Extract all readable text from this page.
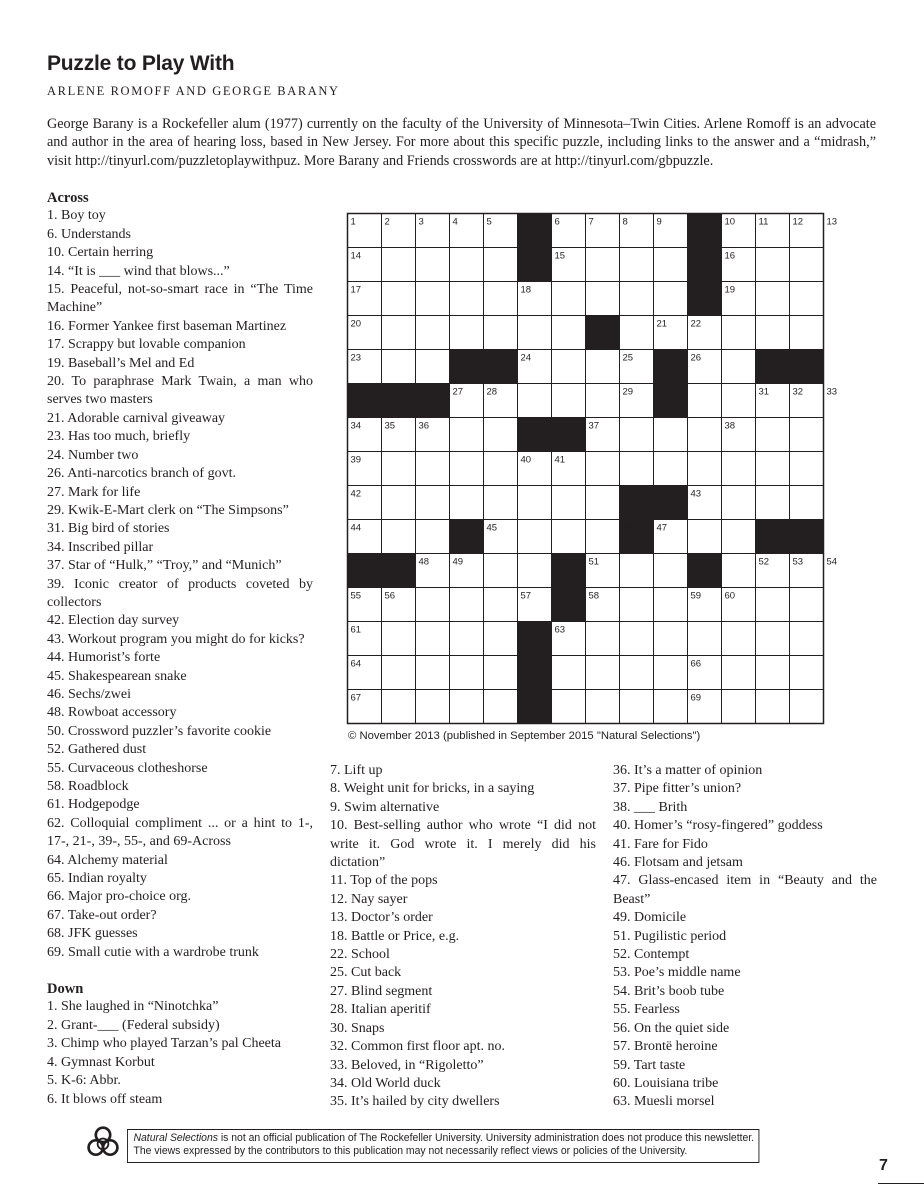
Puzzle to Play With
ARLENE ROMOFF AND GEORGE BARANY
George Barany is a Rockefeller alum (1977) currently on the faculty of the University of Minnesota–Twin Cities. Arlene Romoff is an advocate and author in the area of hearing loss, based in New Jersey. For more about this specific puzzle, including links to the answer and a “midrash,” visit http://tinyurl.com/puzzletoplaywithpuz. More Barany and Friends crosswords are at http://tinyurl.com/gbpuzzle.
Across
1. Boy toy
6. Understands
10. Certain herring
14. “It is ___ wind that blows...”
15. Peaceful, not-so-smart race in “The Time Machine”
16. Former Yankee first baseman Martinez
17. Scrappy but lovable companion
19. Baseball’s Mel and Ed
20. To paraphrase Mark Twain, a man who serves two masters
21. Adorable carnival giveaway
23. Has too much, briefly
24. Number two
26. Anti-narcotics branch of govt.
27. Mark for life
29. Kwik-E-Mart clerk on “The Simpsons”
31. Big bird of stories
34. Inscribed pillar
37. Star of “Hulk,” “Troy,” and “Munich”
39. Iconic creator of products coveted by collectors
42. Election day survey
43. Workout program you might do for kicks?
44. Humorist’s forte
45. Shakespearean snake
46. Sechs/zwei
48. Rowboat accessory
50. Crossword puzzler’s favorite cookie
52. Gathered dust
55. Curvaceous clotheshorse
58. Roadblock
61. Hodgepodge
62. Colloquial compliment ... or a hint to 1-, 17-, 21-, 39-, 55-, and 69-Across
64. Alchemy material
65. Indian royalty
66. Major pro-choice org.
67. Take-out order?
68. JFK guesses
69. Small cutie with a wardrobe trunk
Down
1. She laughed in “Ninotchka”
2. Grant-___ (Federal subsidy)
3. Chimp who played Tarzan’s pal Cheeta
4. Gymnast Korbut
5. K-6: Abbr.
6. It blows off steam
1	2	3	4	5	6	7	8	9	10 11	12 13
14	15	16
17	18	19
20	21 22
23	24	25	26
27 28	29 30	31 32 33
34 35 36	37	38
39	40 41
42	43
44	45	46 47
48 49	50 51	52 53 54
55 56	57	58	59 60
61	62 63
64	65	66
67	68	69
© November 2013 (published in September 2015 "Natural Selections")
7. Lift up
8. Weight unit for bricks, in a saying
9. Swim alternative
10. Best-selling author who wrote “I did not write it. God wrote it. I merely did his dictation”
11. Top of the pops
12. Nay sayer
13. Doctor’s order
18. Battle or Price, e.g.
22. School
25. Cut back
27. Blind segment
28. Italian aperitif
30. Snaps
32. Common first floor apt. no.
33. Beloved, in “Rigoletto”
34. Old World duck
35. It’s hailed by city dwellers
36. It’s a matter of opinion
37. Pipe fitter’s union?
38. ___ Brith
40. Homer’s “rosy-fingered” goddess
41. Fare for Fido
46. Flotsam and jetsam
47. Glass-encased item in “Beauty and the Beast”
49. Domicile
51. Pugilistic period
52. Contempt
53. Poe’s middle name
54. Brit’s boob tube
55. Fearless
56. On the quiet side
57. Brontë heroine
59. Tart taste
60. Louisiana tribe
63. Muesli morsel
Natural Selections is not an official publication of The Rockefeller University. University administration does not produce this newsletter.
The views expressed by the contributors to this publication may not necessarily reflect views or policies of the University.
7
